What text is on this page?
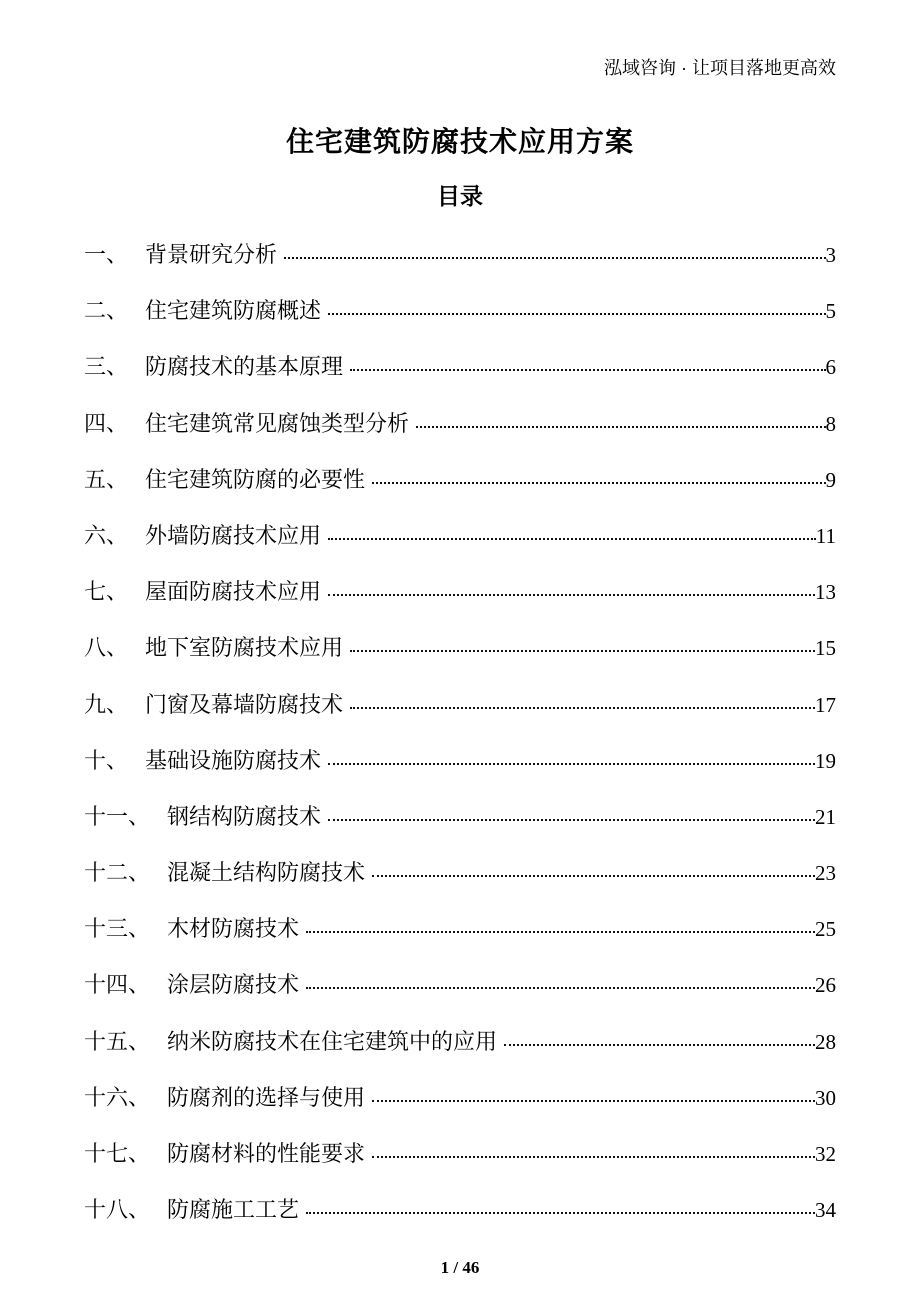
泓域咨询 · 让项目落地更高效
住宅建筑防腐技术应用方案
目录
一、 背景研究分析	3
二、 住宅建筑防腐概述	5
三、 防腐技术的基本原理	6
四、 住宅建筑常见腐蚀类型分析	8
五、 住宅建筑防腐的必要性	9
六、 外墙防腐技术应用	11
七、 屋面防腐技术应用	13
八、 地下室防腐技术应用	15
九、 门窗及幕墙防腐技术	17
十、 基础设施防腐技术	19
十一、 钢结构防腐技术	21
十二、 混凝土结构防腐技术	23
十三、 木材防腐技术	25
十四、 涂层防腐技术	26
十五、 纳米防腐技术在住宅建筑中的应用	28
十六、 防腐剂的选择与使用	30
十七、 防腐材料的性能要求	32
十八、 防腐施工工艺	34
1 / 46
